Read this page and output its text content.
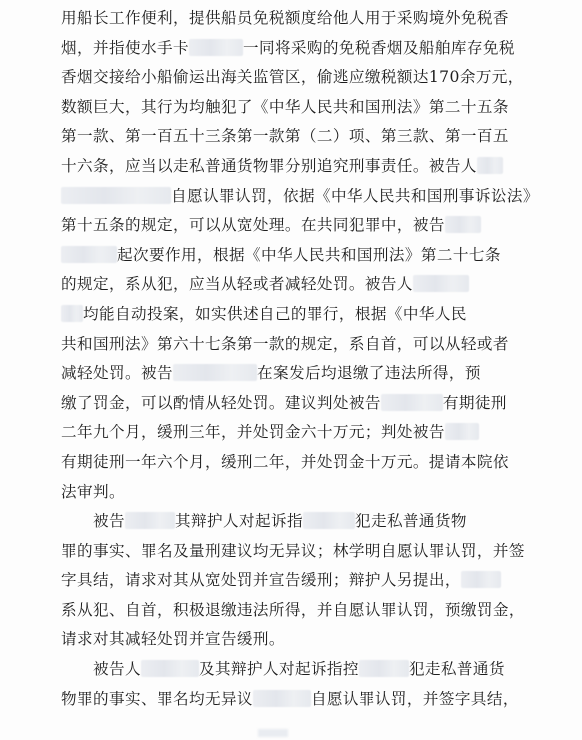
用船长工作便利，提供船员免税额度给他人用于采购境外免税香
烟，并指使水手卡	一同将采购的免税香烟及船舶库存免税
香烟交接给小船偷运出海关监管区，偷逃应缴税额达170余万元，
数额巨大，其行为均触犯了《中华人民共和国刑法》第二十五条
第一款、第一百五十三条第一款第（二）项、第三款、第一百五
十六条，应当以走私普通货物罪分别追究刑事责任。被告人
自愿认罪认罚，依据《中华人民共和国刑事诉讼法》
第十五条的规定，可以从宽处理。在共同犯罪中，被告
起次要作用，根据《中华人民共和国刑法》第二十七条
的规定，系从犯，应当从轻或者减轻处罚。被告人
均能自动投案，如实供述自己的罪行，根据《中华人民
共和国刑法》第六十七条第一款的规定，系自首，可以从轻或者
减轻处罚。被告	在案发后均退缴了违法所得，预
缴了罚金，可以酌情从轻处罚。建议判处被告	有期徒刑
二年九个月，缓刑三年，并处罚金六十万元；判处被告
有期徒刑一年六个月，缓刑二年，并处罚金十万元。提请本院依
法审判。
被告	其辩护人对起诉指	犯走私普通货物
罪的事实、罪名及量刑建议均无异议；林学明自愿认罪认罚，并签
字具结，请求对其从宽处罚并宣告缓刑；辩护人另提出，
系从犯、自首，积极退缴违法所得，并自愿认罪认罚，预缴罚金，
请求对其减轻处罚并宣告缓刑。
被告人	及其辩护人对起诉指控	犯走私普通货
物罪的事实、罪名均无异议	自愿认罪认罚，并签字具结，
